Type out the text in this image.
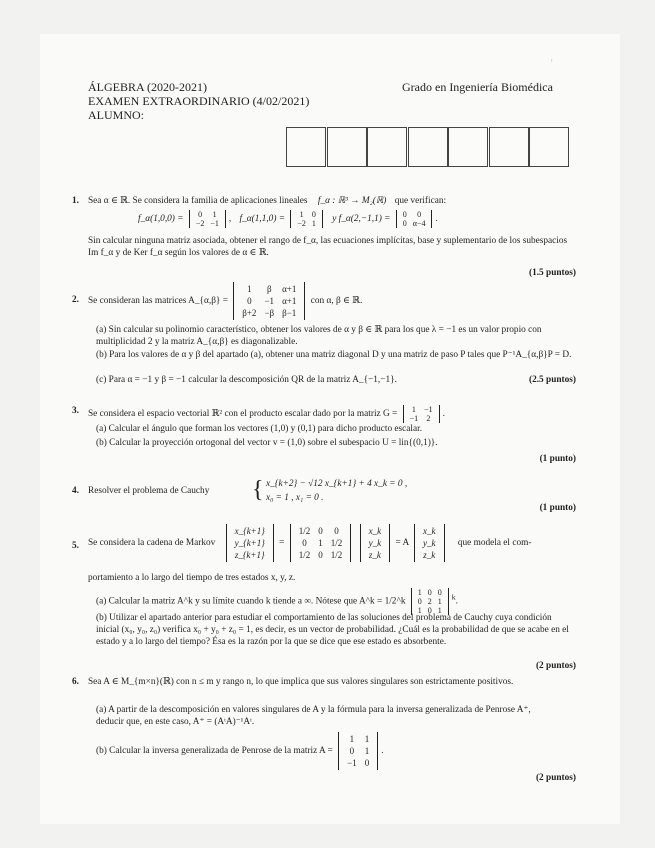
‘
ÁLGEBRA (2020-2021)
EXAMEN EXTRAORDINARIO (4/02/2021)
ALUMNO:
Grado en Ingeniería Biomédica
1. Sea α ∈ ℝ. Se considera la familia de aplicaciones lineales f_α : ℝ³ → M₂(ℝ) que verifican:
f_α(1,0,0) = 0	1
−2	−1 , f_α(1,1,0) = 1	0
−2	1 y f_α(2,−1,1) = 0	0
0	α−4 .
Sin calcular ninguna matriz asociada, obtener el rango de f_α, las ecuaciones implícitas, base y suplementario de los subespacios Im f_α y de Ker f_α según los valores de α ∈ ℝ.
(1.5 puntos)
2. Se consideran las matrices A_{α,β} =
1	β	α+1
0	−1	α+1
β+2	−β	β−1
con α, β ∈ ℝ.
(a) Sin calcular su polinomio característico, obtener los valores de α y β ∈ ℝ para los que λ = −1 es un valor propio con multiplicidad 2 y la matriz A_{α,β} es diagonalizable.
(b) Para los valores de α y β del apartado (a), obtener una matriz diagonal D y una matriz de paso P tales que P⁻¹A_{α,β}P = D.
(c) Para α = −1 y β = −1 calcular la descomposición QR de la matriz A_{−1,−1}.	(2.5 puntos)
3. Se considera el espacio vectorial ℝ² con el producto escalar dado por la matriz G = 1	−1
−1	2 .
(a) Calcular el ángulo que forman los vectores (1,0) y (0,1) para dicho producto escalar.
(b) Calcular la proyección ortogonal del vector v = (1,0) sobre el subespacio U = lin{(0,1)}.
(1 punto)
4. Resolver el problema de Cauchy { x_{k+2} − √12 x_{k+1} + 4 x_k = 0 ,
x₀ = 1 , x₁ = 0 .
(1 punto)
5. Se considera la cadena de Markov
x_{k+1}
y_{k+1}
z_{k+1}
=
1/2	0	0
0	1	1/2
1/2	0	1/2

x_k
y_k
z_k
= A
x_k
y_k
z_k
que modela el com-
portamiento a lo largo del tiempo de tres estados x, y, z.
(a) Calcular la matriz A^k y su límite cuando k tiende a ∞. Nótese que A^k = 1/2^k
1	0	0
0	2	1
1	0	1
$^k$.
(b) Utilizar el apartado anterior para estudiar el comportamiento de las soluciones del problema de Cauchy cuya condición inicial (x₀, y₀, z₀) verifica x₀ + y₀ + z₀ = 1, es decir, es un vector de probabilidad. ¿Cuál es la probabilidad de que se acabe en el estado y a lo largo del tiempo? Ésa es la razón por la que se dice que ese estado es absorbente.
(2 puntos)
6. Sea A ∈ M_{m×n}(ℝ) con n ≤ m y rango n, lo que implica que sus valores singulares son estrictamente positivos.
(a) A partir de la descomposición en valores singulares de A y la fórmula para la inversa generalizada de Penrose A⁺, deducir que, en este caso, A⁺ = (AᵗA)⁻¹Aᵗ.
(b) Calcular la inversa generalizada de Penrose de la matriz A =
1	1
0	1
−1	0
.
(2 puntos)
